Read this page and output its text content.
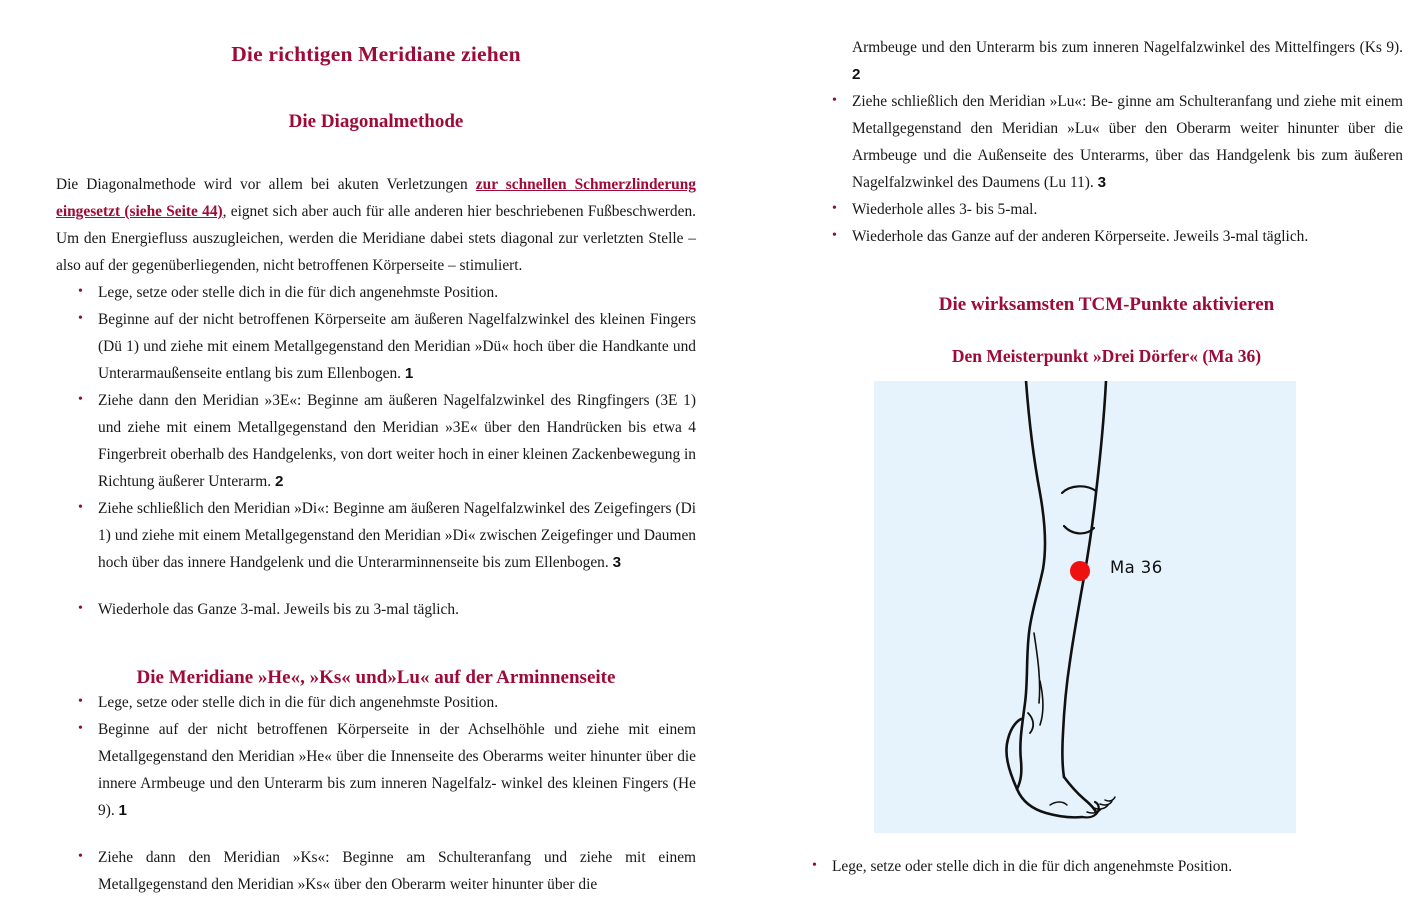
Die richtigen Meridiane ziehen
Die Diagonalmethode

Die Diagonalmethode wird vor allem bei akuten Verletzungen zur schnellen Schmerzlinderung eingesetzt (siehe Seite 44), eignet sich aber auch für alle anderen hier beschriebenen Fußbeschwerden. Um den Energiefluss auszugleichen, werden die Meridiane dabei stets diagonal zur verletzten Stelle – also auf der gegenüberliegenden, nicht betroffenen Körperseite – stimuliert.

• Lege, setze oder stelle dich in die für dich angenehmste Position.
• Beginne auf der nicht betroffenen Körperseite am äußeren Nagelfalzwinkel des kleinen Fingers (Dü 1) und ziehe mit einem Metallgegenstand den Meridian »Dü« hoch über die Handkante und Unterarmaußenseite entlang bis zum Ellenbogen. 1
• Ziehe dann den Meridian »3E«: Beginne am äußeren Nagelfalzwinkel des Ringfingers (3E 1) und ziehe mit einem Metallgegenstand den Meridian »3E« über den Handrücken bis etwa 4 Fingerbreit oberhalb des Handgelenks, von dort weiter hoch in einer kleinen Zackenbewegung in Richtung äußerer Unterarm. 2
• Ziehe schließlich den Meridian »Di«: Beginne am äußeren Nagelfalzwinkel des Zeigefingers (Di 1) und ziehe mit einem Metallgegenstand den Meridian »Di« zwischen Zeigefinger und Daumen hoch über das innere Handgelenk und die Unterarminnenseite bis zum Ellenbogen. 3
• Wiederhole das Ganze 3-mal. Jeweils bis zu 3-mal täglich.
Die Meridiane »He«, »Ks« und»Lu« auf der Arminnenseite
• Lege, setze oder stelle dich in die für dich angenehmste Position.
• Beginne auf der nicht betroffenen Körperseite in der Achselhöhle und ziehe mit einem Metallgegenstand den Meridian »He« über die Innenseite des Oberarms weiter hinunter über die innere Armbeuge und den Unterarm bis zum inneren Nagelfalz- winkel des kleinen Fingers (He 9). 1
• Ziehe dann den Meridian »Ks«: Beginne am Schulteranfang und ziehe mit einem Metallgegenstand den Meridian »Ks« über den Oberarm weiter hinunter über die

Armbeuge und den Unterarm bis zum inneren Nagelfalzwinkel des Mittelfingers (Ks 9). 2

• Ziehe schließlich den Meridian »Lu«: Be- ginne am Schulteranfang und ziehe mit einem Metallgegenstand den Meridian »Lu« über den Oberarm weiter hinunter über die Armbeuge und die Außenseite des Unterarms, über das Handgelenk bis zum äußeren Nagelfalzwinkel des Daumens (Lu 11). 3
• Wiederhole alles 3- bis 5-mal.
• Wiederhole das Ganze auf der anderen Körperseite. Jeweils 3-mal täglich.
Die wirksamsten TCM-Punkte aktivieren
Den Meisterpunkt »Drei Dörfer« (Ma 36)
Ma 36
• Lege, setze oder stelle dich in die für dich angenehmste Position.
